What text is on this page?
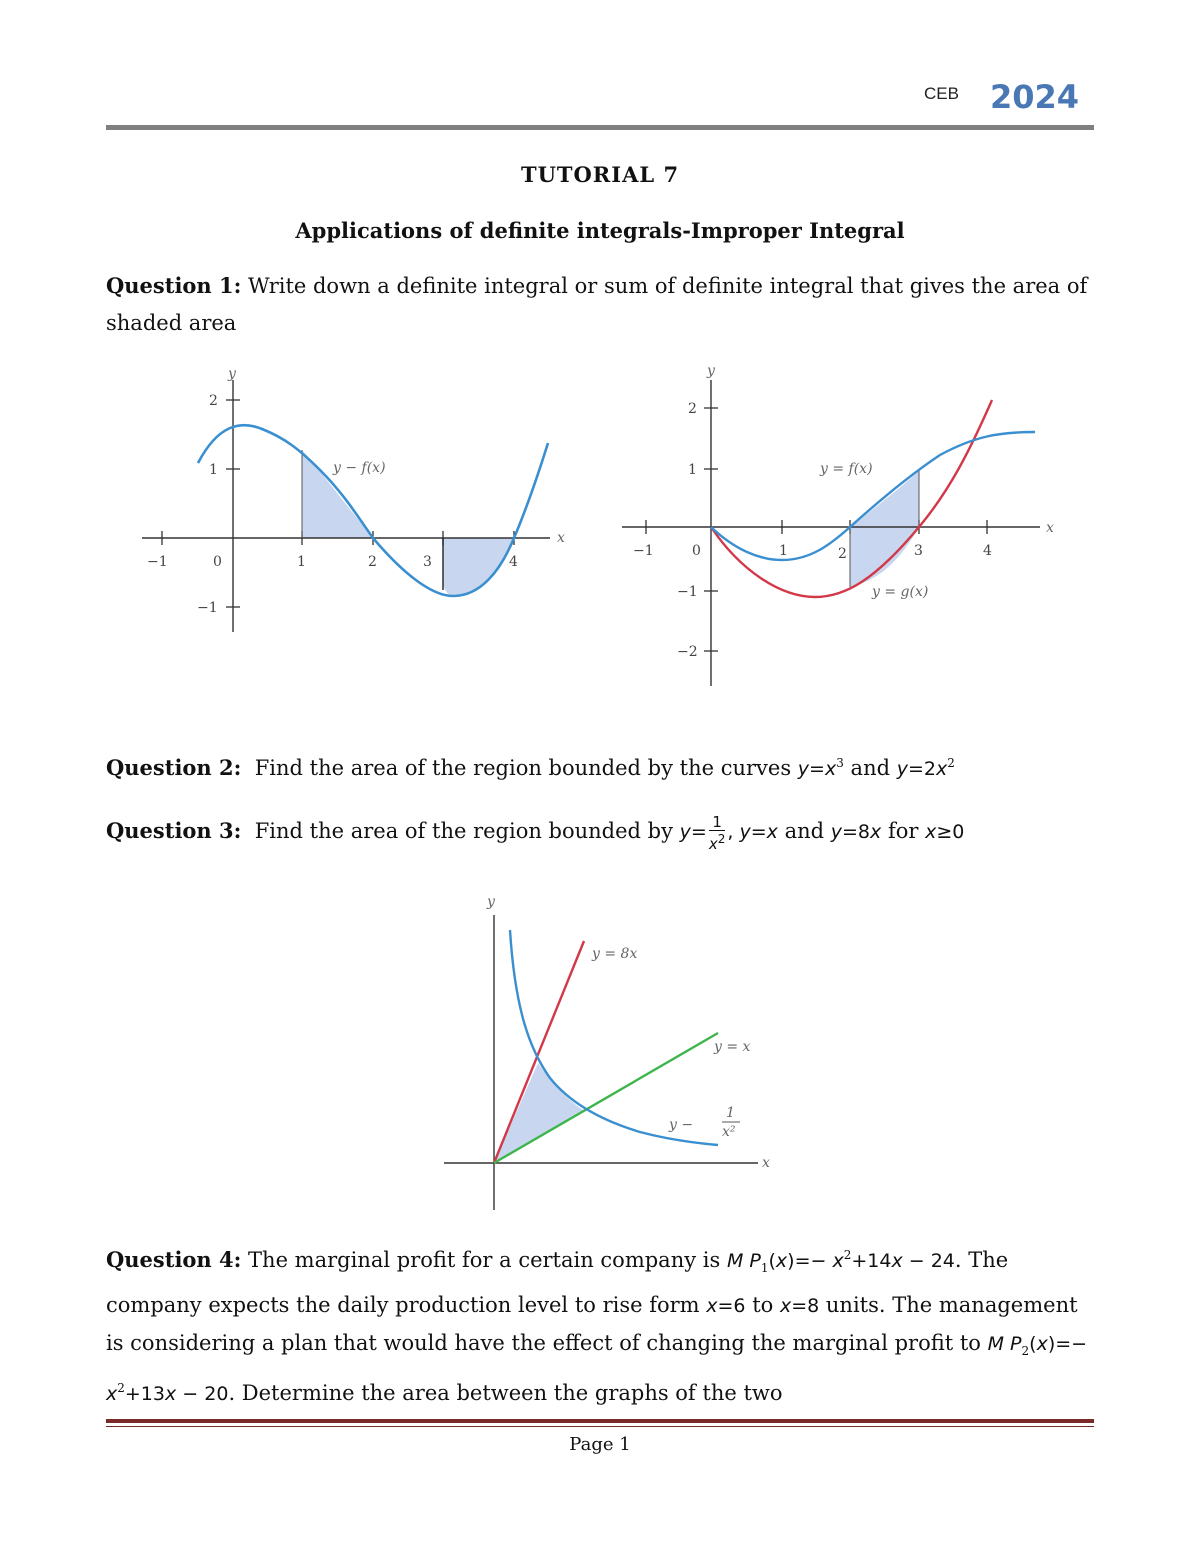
CEB 2024
TUTORIAL 7
Applications of definite integrals-Improper Integral
Question 1: Write down a definite integral or sum of definite integral that gives the area of shaded area
y
x
−1	0	1	2	3	4
2
1
−1
y − f(x)
y
x
−1	0	1	2	3	4
2
1
−1
−2
y = f(x)
y = g(x)
Question 2: Find the area of the region bounded by the curves $y=x^3$ and $y=2x^2$
Question 3: Find the area of the region bounded by $y= \frac{1}{x^2}$ , y=x and y=8x for x≥0
y
x
y = 8x
y = x
y −
1
x²
Question 4: The marginal profit for a certain company is M $P_1(x)=- x^2+14x - 24$. The company expects the daily production level to rise form x=6 to x=8 units. The management is considering a plan that would have the effect of changing the marginal profit to M $P_2(x)=- x^2+13x - 20$. Determine the area between the graphs of the two
Page 1
